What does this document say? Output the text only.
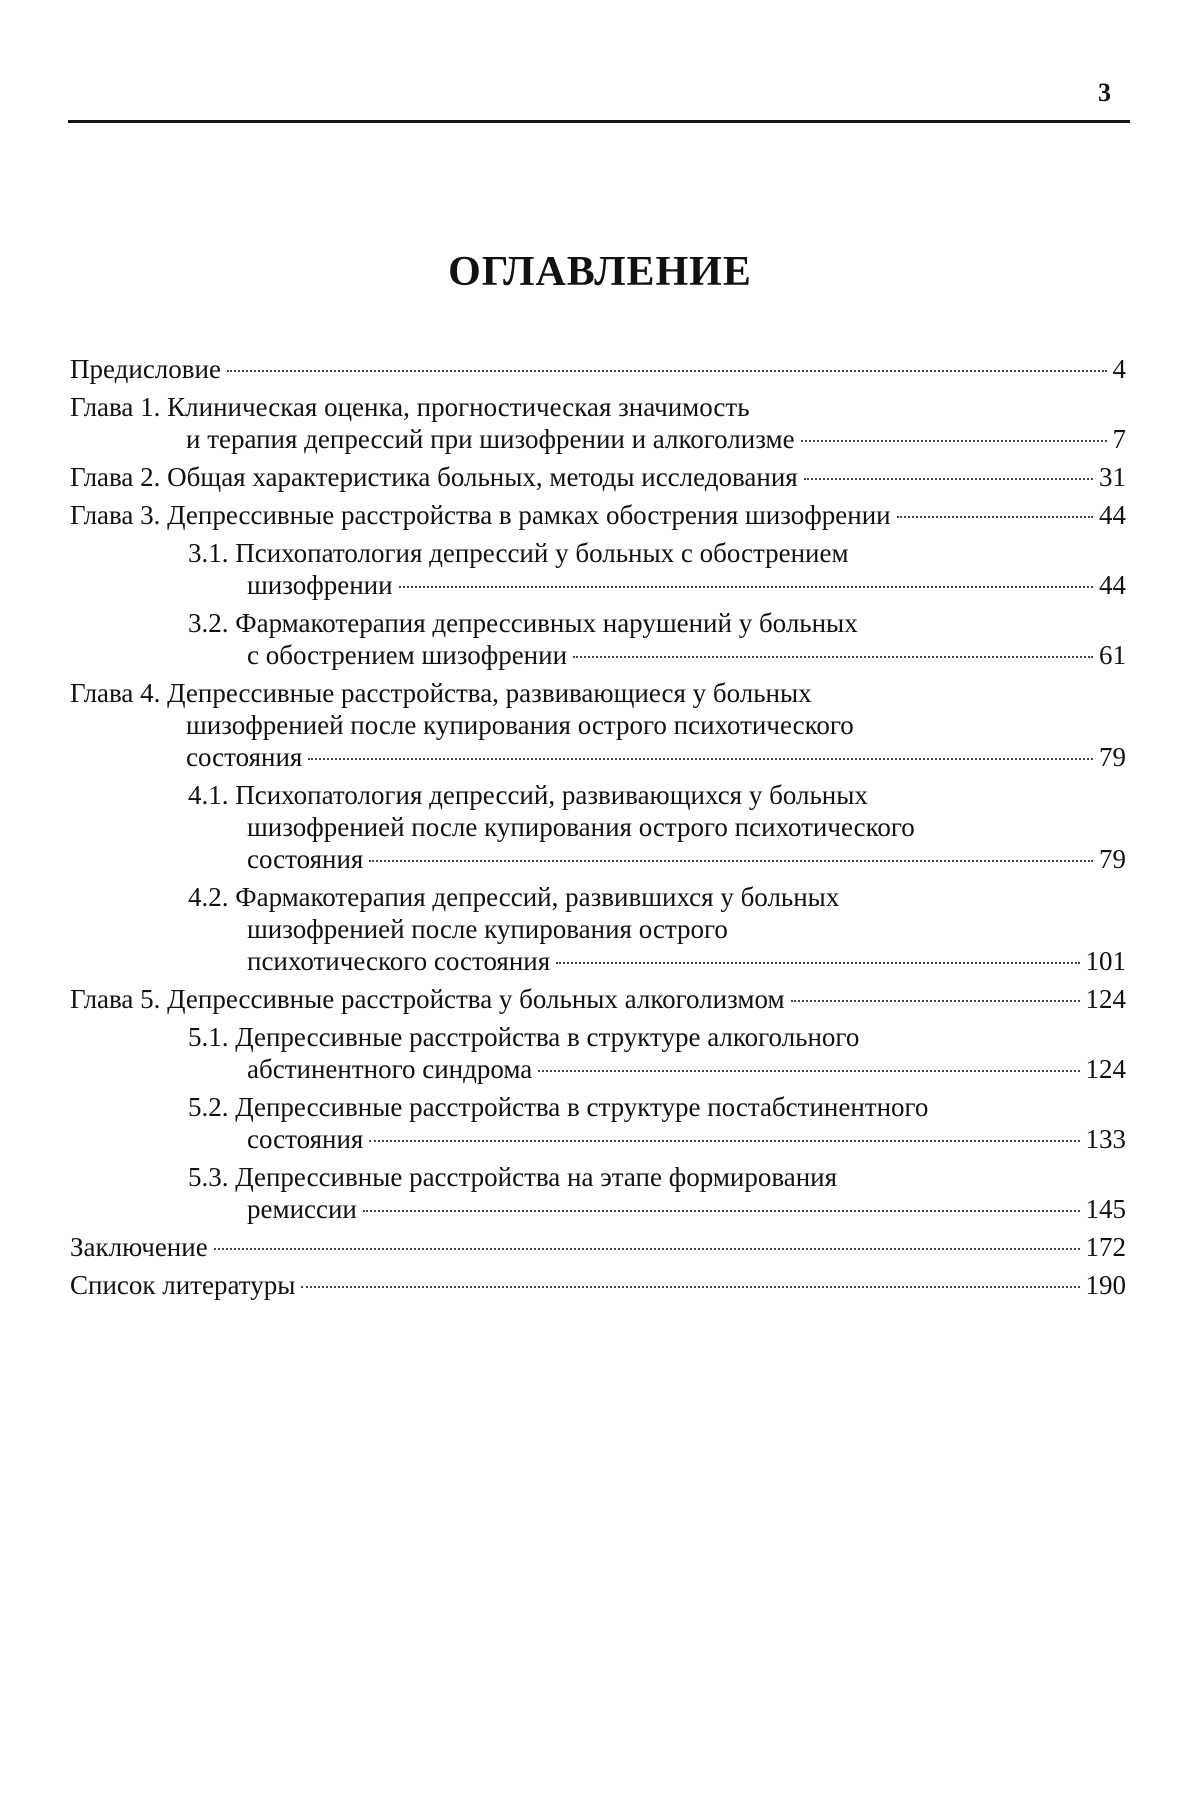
3
ОГЛАВЛЕНИЕ
Предисловие	4
Глава 1. Клиническая оценка, прогностическая значимость
и терапия депрессий при шизофрении и алкоголизме	7
Глава 2. Общая характеристика больных, методы исследования	31
Глава 3. Депрессивные расстройства в рамках обострения шизофрении	44
3.1. Психопатология депрессий у больных с обострением
шизофрении	44
3.2. Фармакотерапия депрессивных нарушений у больных
с обострением шизофрении	61
Глава 4. Депрессивные расстройства, развивающиеся у больных
шизофренией после купирования острого психотического
состояния	79
4.1. Психопатология депрессий, развивающихся у больных
шизофренией после купирования острого психотического
состояния	79
4.2. Фармакотерапия депрессий, развившихся у больных
шизофренией после купирования острого
психотического состояния	101
Глава 5. Депрессивные расстройства у больных алкоголизмом	124
5.1. Депрессивные расстройства в структуре алкогольного
абстинентного синдрома	124
5.2. Депрессивные расстройства в структуре постабстинентного
состояния	133
5.3. Депрессивные расстройства на этапе формирования
ремиссии	145
Заключение	172
Список литературы	190
